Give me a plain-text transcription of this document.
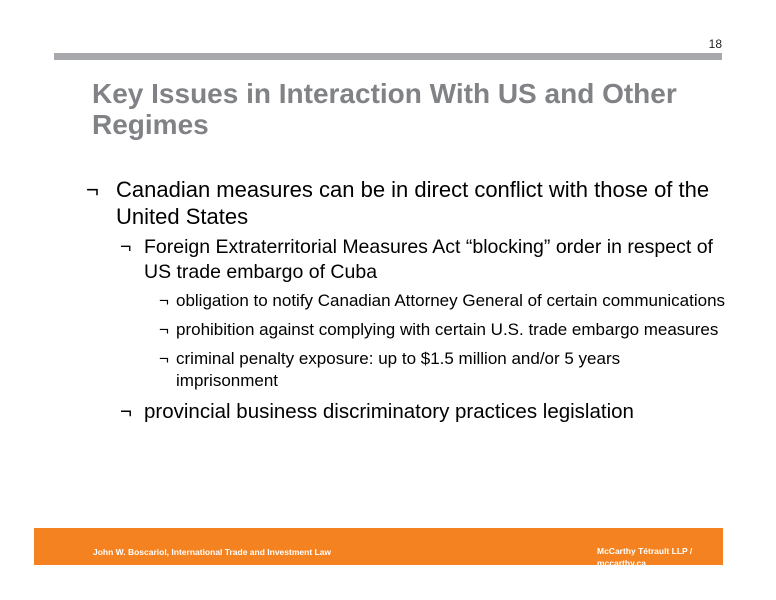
18
Key Issues in Interaction With US and Other Regimes
¬ Canadian measures can be in direct conflict with those of the United States
¬ Foreign Extraterritorial Measures Act “blocking” order in respect of US trade embargo of Cuba
¬ obligation to notify Canadian Attorney General of certain communications
¬ prohibition against complying with certain U.S. trade embargo measures
¬ criminal penalty exposure: up to $1.5 million and/or 5 years imprisonment
¬ provincial business discriminatory practices legislation
John W. Boscariol, International Trade and Investment Law	McCarthy Tétrault LLP / mccarthy.ca
